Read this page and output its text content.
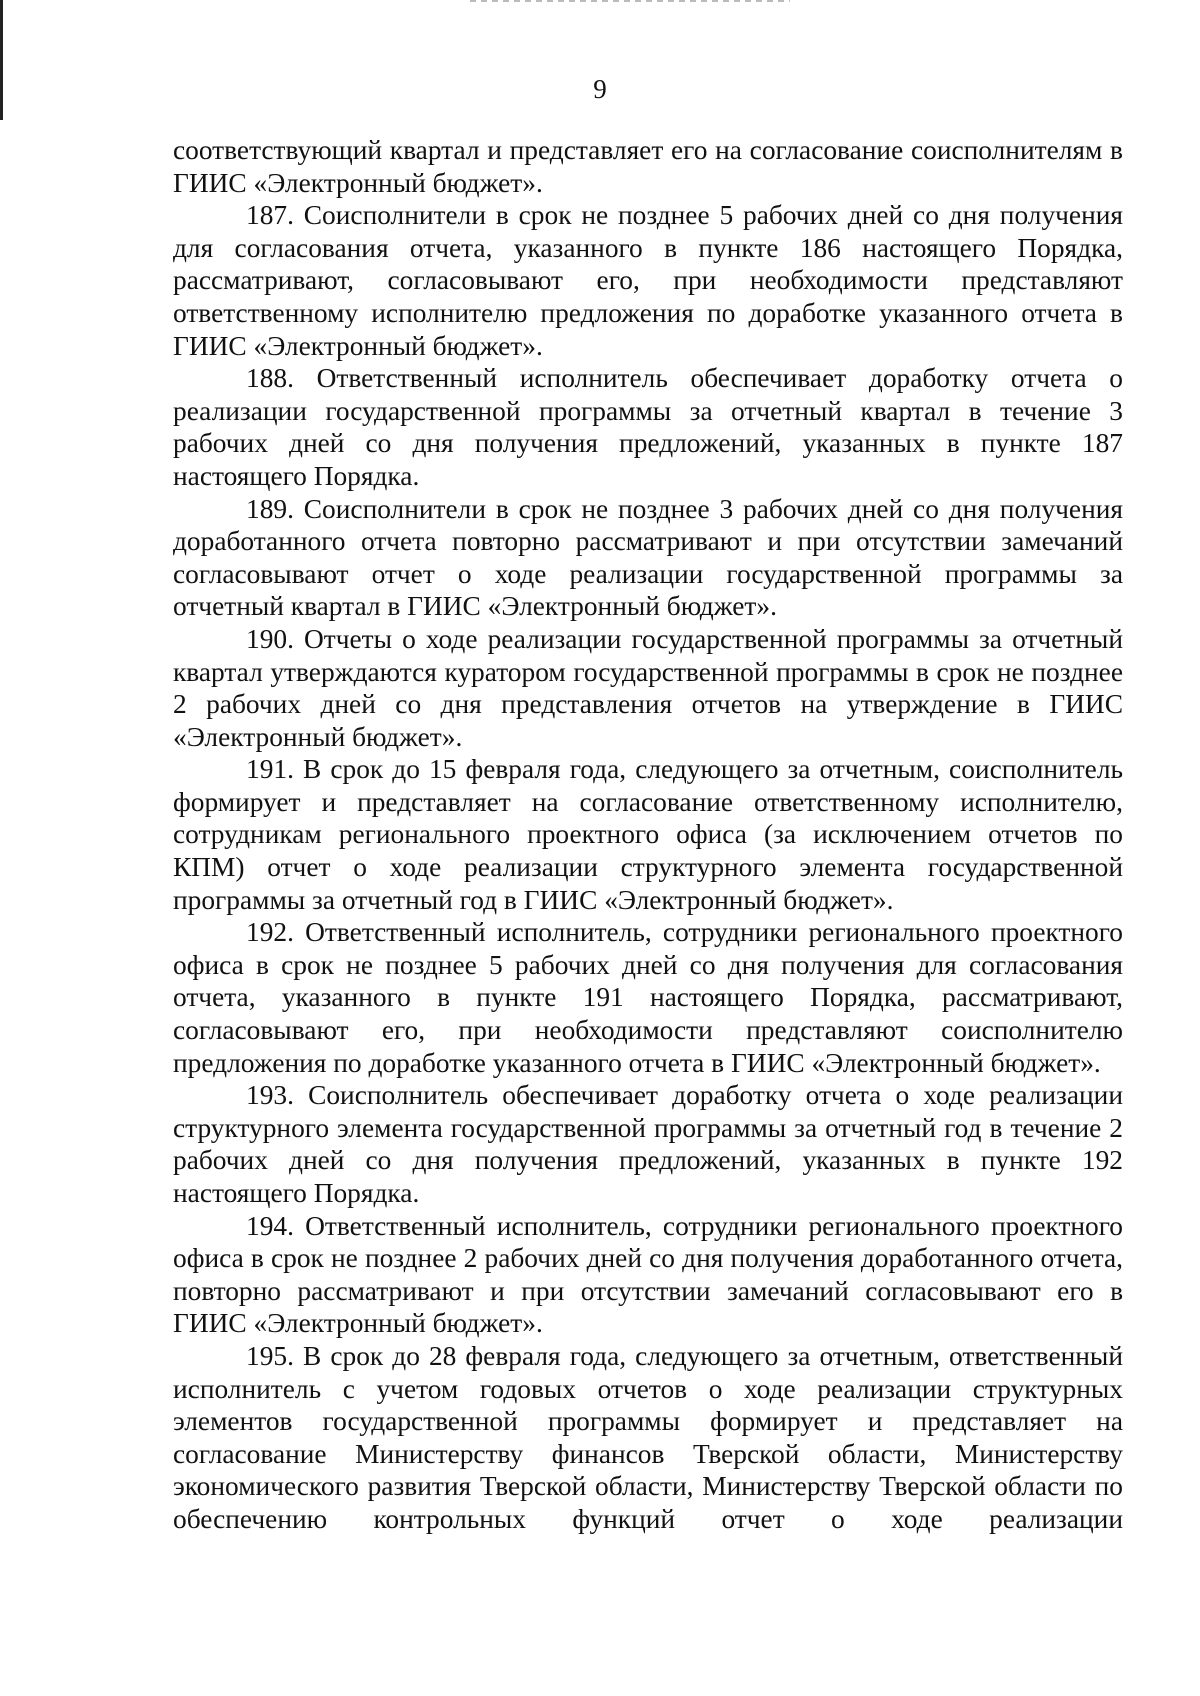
9

соответствующий квартал и представляет его на согласование соисполнителям в ГИИС «Электронный бюджет».

187. Соисполнители в срок не позднее 5 рабочих дней со дня получения для согласования отчета, указанного в пункте 186 настоящего Порядка, рассматривают, согласовывают его, при необходимости представляют ответственному исполнителю предложения по доработке указанного отчета в ГИИС «Электронный бюджет».

188. Ответственный исполнитель обеспечивает доработку отчета о реализации государственной программы за отчетный квартал в течение 3 рабочих дней со дня получения предложений, указанных в пункте 187 настоящего Порядка.

189. Соисполнители в срок не позднее 3 рабочих дней со дня получения доработанного отчета повторно рассматривают и при отсутствии замечаний согласовывают отчет о ходе реализации государственной программы за отчетный квартал в ГИИС «Электронный бюджет».

190. Отчеты о ходе реализации государственной программы за отчетный квартал утверждаются куратором государственной программы в срок не позднее 2 рабочих дней со дня представления отчетов на утверждение в ГИИС «Электронный бюджет».

191. В срок до 15 февраля года, следующего за отчетным, соисполнитель формирует и представляет на согласование ответственному исполнителю, сотрудникам регионального проектного офиса (за исключением отчетов по КПМ) отчет о ходе реализации структурного элемента государственной программы за отчетный год в ГИИС «Электронный бюджет».

192. Ответственный исполнитель, сотрудники регионального проектного офиса в срок не позднее 5 рабочих дней со дня получения для согласования отчета, указанного в пункте 191 настоящего Порядка, рассматривают, согласовывают его, при необходимости представляют соисполнителю предложения по доработке указанного отчета в ГИИС «Электронный бюджет».

193. Соисполнитель обеспечивает доработку отчета о ходе реализации структурного элемента государственной программы за отчетный год в течение 2 рабочих дней со дня получения предложений, указанных в пункте 192 настоящего Порядка.

194. Ответственный исполнитель, сотрудники регионального проектного офиса в срок не позднее 2 рабочих дней со дня получения доработанного отчета, повторно рассматривают и при отсутствии замечаний согласовывают его в ГИИС «Электронный бюджет».

195. В срок до 28 февраля года, следующего за отчетным, ответственный исполнитель с учетом годовых отчетов о ходе реализации структурных элементов государственной программы формирует и представляет на согласование Министерству финансов Тверской области, Министерству экономического развития Тверской области, Министерству Тверской области по обеспечению контрольных функций отчет о ходе реализации
